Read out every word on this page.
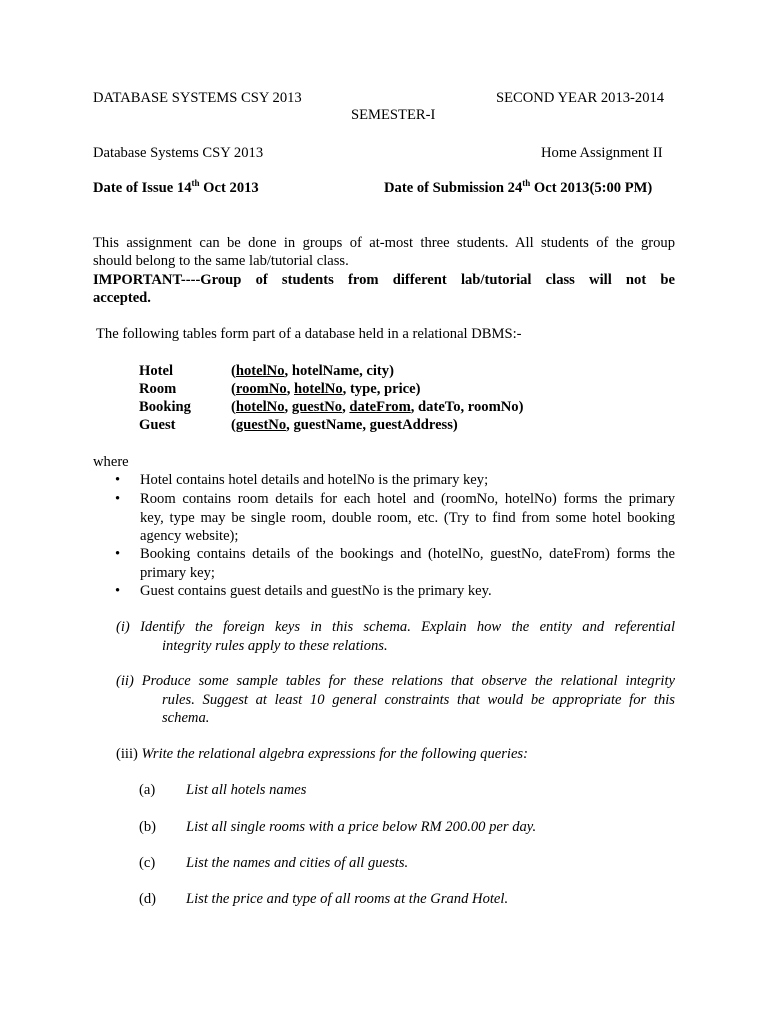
DATABASE SYSTEMS CSY 2013	SECOND YEAR 2013-2014
SEMESTER-I
Database Systems CSY 2013	Home Assignment II
Date of Issue 14th Oct 2013	Date of Submission 24th Oct 2013(5:00 PM)
This assignment can be done in groups of at-most three students. All students of the group
should belong to the same lab/tutorial class.
IMPORTANT----Group of students from different lab/tutorial class will not be
accepted.
The following tables form part of a database held in a relational DBMS:-
Hotel	(hotelNo, hotelName, city)
Room	(roomNo, hotelNo, type, price)
Booking	(hotelNo, guestNo, dateFrom, dateTo, roomNo)
Guest	(guestNo, guestName, guestAddress)
where
• Hotel contains hotel details and hotelNo is the primary key;
• Room contains room details for each hotel and (roomNo, hotelNo) forms the primary
key, type may be single room, double room, etc. (Try to find from some hotel booking
agency website);
• Booking contains details of the bookings and (hotelNo, guestNo, dateFrom) forms the
primary key;
• Guest contains guest details and guestNo is the primary key.
(i) Identify the foreign keys in this schema. Explain how the entity and referential
integrity rules apply to these relations.
(ii) Produce some sample tables for these relations that observe the relational integrity
rules. Suggest at least 10 general constraints that would be appropriate for this
schema.
(iii) Write the relational algebra expressions for the following queries:
(a) List all hotels names
(b) List all single rooms with a price below RM 200.00 per day.
(c) List the names and cities of all guests.
(d) List the price and type of all rooms at the Grand Hotel.
